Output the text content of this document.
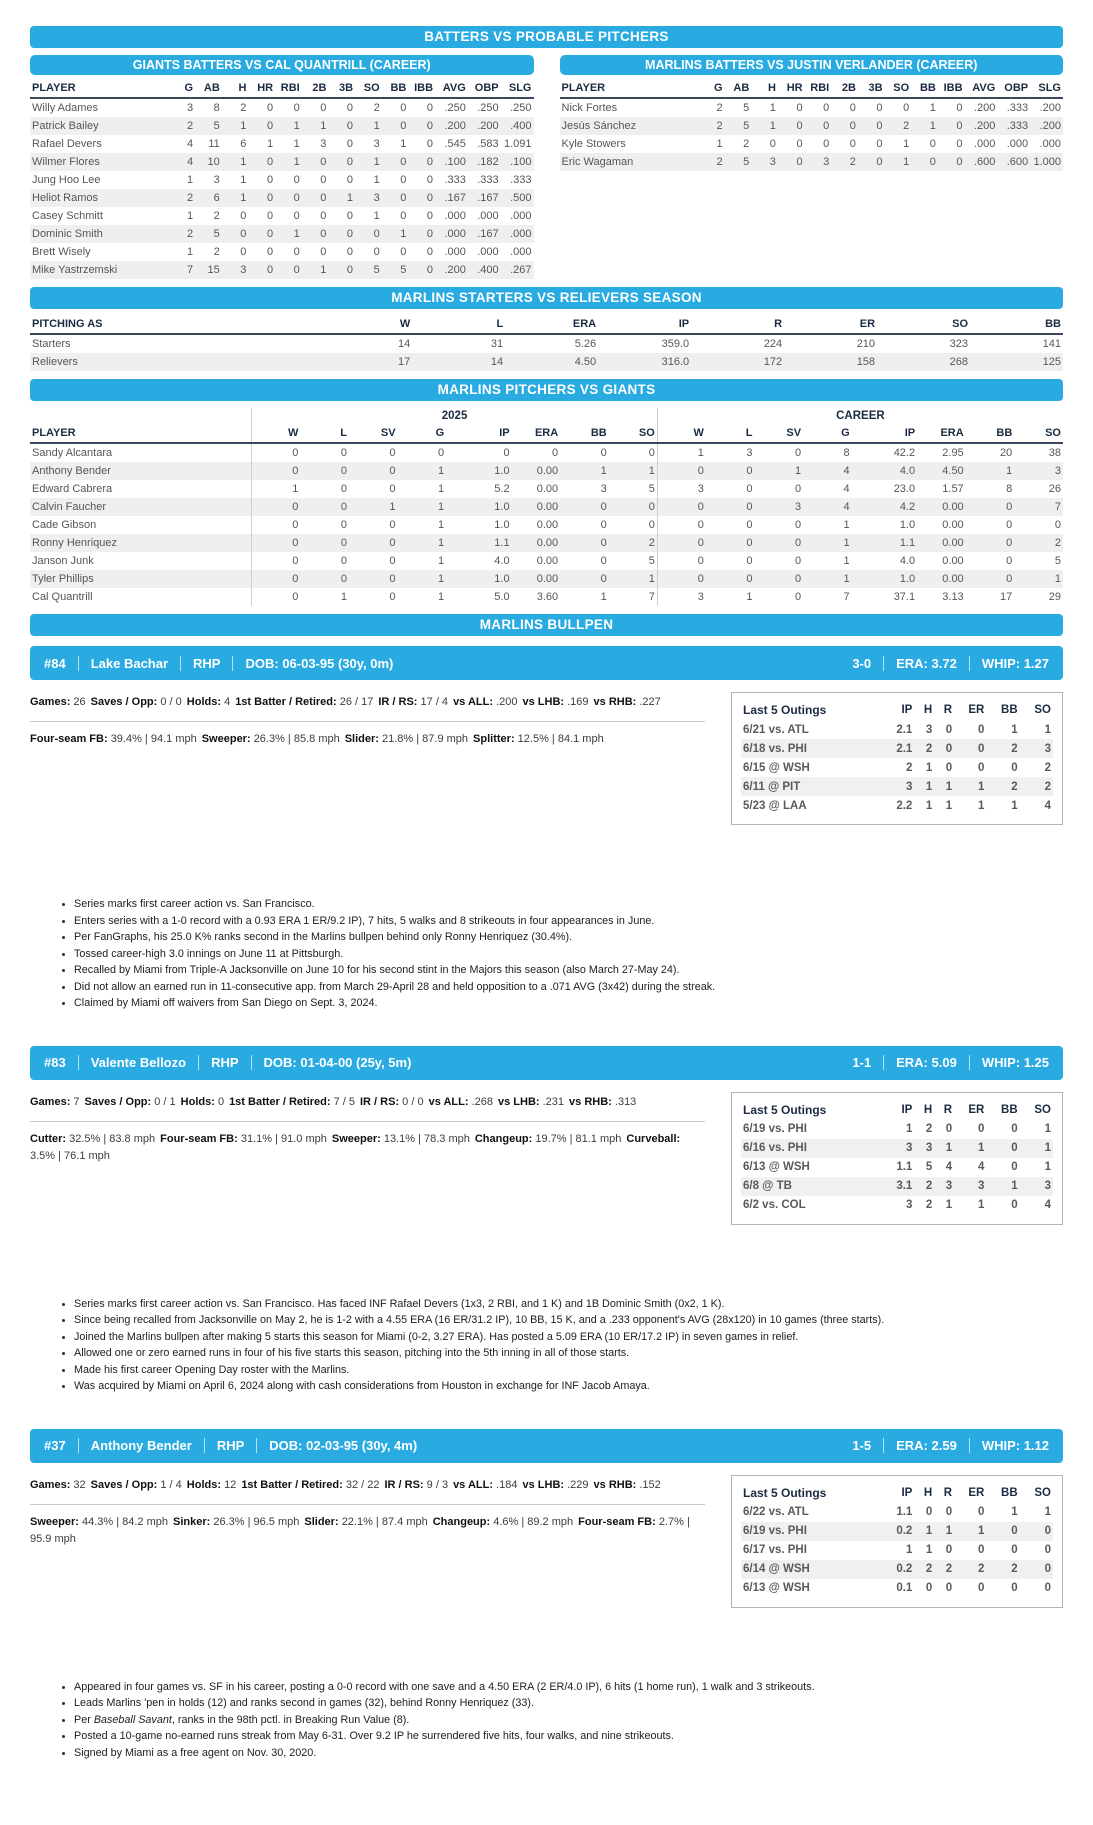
BATTERS VS PROBABLE PITCHERS
GIANTS BATTERS VS CAL QUANTRILL (CAREER)
PLAYER	G	AB	H	HR	RBI	2B	3B	SO	BB	IBB	AVG	OBP	SLG
Willy Adames	3	8	2	0	0	0	0	2	0	0	.250	.250	.250
Patrick Bailey	2	5	1	0	1	1	0	1	0	0	.200	.200	.400
Rafael Devers	4	11	6	1	1	3	0	3	1	0	.545	.583	1.091
Wilmer Flores	4	10	1	0	1	0	0	1	0	0	.100	.182	.100
Jung Hoo Lee	1	3	1	0	0	0	0	1	0	0	.333	.333	.333
Heliot Ramos	2	6	1	0	0	0	1	3	0	0	.167	.167	.500
Casey Schmitt	1	2	0	0	0	0	0	1	0	0	.000	.000	.000
Dominic Smith	2	5	0	0	1	0	0	0	1	0	.000	.167	.000
Brett Wisely	1	2	0	0	0	0	0	0	0	0	.000	.000	.000
Mike Yastrzemski	7	15	3	0	0	1	0	5	5	0	.200	.400	.267
MARLINS BATTERS VS JUSTIN VERLANDER (CAREER)
PLAYER	G	AB	H	HR	RBI	2B	3B	SO	BB	IBB	AVG	OBP	SLG
Nick Fortes	2	5	1	0	0	0	0	0	1	0	.200	.333	.200
Jesús Sánchez	2	5	1	0	0	0	0	2	1	0	.200	.333	.200
Kyle Stowers	1	2	0	0	0	0	0	1	0	0	.000	.000	.000
Eric Wagaman	2	5	3	0	3	2	0	1	0	0	.600	.600	1.000
MARLINS STARTERS VS RELIEVERS SEASON
PITCHING AS	W	L	ERA	IP	R	ER	SO	BB
Starters	14	31	5.26	359.0	224	210	323	141
Relievers	17	14	4.50	316.0	172	158	268	125
MARLINS PITCHERS VS GIANTS
	2025								CAREER							
PLAYER	W	L	SV	G	IP	ERA	BB	SO	W	L	SV	G	IP	ERA	BB	SO
Sandy Alcantara	0	0	0	0	0	0	0	0	1	3	0	8	42.2	2.95	20	38
Anthony Bender	0	0	0	1	1.0	0.00	1	1	0	0	1	4	4.0	4.50	1	3
Edward Cabrera	1	0	0	1	5.2	0.00	3	5	3	0	0	4	23.0	1.57	8	26
Calvin Faucher	0	0	1	1	1.0	0.00	0	0	0	0	3	4	4.2	0.00	0	7
Cade Gibson	0	0	0	1	1.0	0.00	0	0	0	0	0	1	1.0	0.00	0	0
Ronny Henriquez	0	0	0	1	1.1	0.00	0	2	0	0	0	1	1.1	0.00	0	2
Janson Junk	0	0	0	1	4.0	0.00	0	5	0	0	0	1	4.0	0.00	0	5
Tyler Phillips	0	0	0	1	1.0	0.00	0	1	0	0	0	1	1.0	0.00	0	1
Cal Quantrill	0	1	0	1	5.0	3.60	1	7	3	1	0	7	37.1	3.13	17	29
MARLINS BULLPEN
#84 Lake Bachar RHP DOB: 06-03-95 (30y, 0m)	3-0 ERA: 3.72 WHIP: 1.27

Games: 26 Saves / Opp: 0 / 0 Holds: 4 1st Batter / Retired: 26 / 17 IR / RS: 17 / 4 vs ALL: .200 vs LHB: .169 vs RHB: .227

Four-seam FB: 39.4% | 94.1 mph Sweeper: 26.3% | 85.8 mph Slider: 21.8% | 87.9 mph Splitter: 12.5% | 84.1 mph

Last 5 Outings	IP	H	R	ER	BB	SO
6/21 vs. ATL	2.1	3	0	0	1	1
6/18 vs. PHI	2.1	2	0	0	2	3
6/15 @ WSH	2	1	0	0	0	2
6/11 @ PIT	3	1	1	1	2	2
5/23 @ LAA	2.2	1	1	1	1	4
• Series marks first career action vs. San Francisco.
• Enters series with a 1-0 record with a 0.93 ERA 1 ER/9.2 IP), 7 hits, 5 walks and 8 strikeouts in four appearances in June.
• Per FanGraphs, his 25.0 K% ranks second in the Marlins bullpen behind only Ronny Henriquez (30.4%).
• Tossed career-high 3.0 innings on June 11 at Pittsburgh.
• Recalled by Miami from Triple-A Jacksonville on June 10 for his second stint in the Majors this season (also March 27-May 24).
• Did not allow an earned run in 11-consecutive app. from March 29-April 28 and held opposition to a .071 AVG (3x42) during the streak.
• Claimed by Miami off waivers from San Diego on Sept. 3, 2024.
#83 Valente Bellozo RHP DOB: 01-04-00 (25y, 5m)	1-1 ERA: 5.09 WHIP: 1.25

Games: 7 Saves / Opp: 0 / 1 Holds: 0 1st Batter / Retired: 7 / 5 IR / RS: 0 / 0 vs ALL: .268 vs LHB: .231 vs RHB: .313

Cutter: 32.5% | 83.8 mph Four-seam FB: 31.1% | 91.0 mph Sweeper: 13.1% | 78.3 mph Changeup: 19.7% | 81.1 mph Curveball: 3.5% | 76.1 mph

Last 5 Outings	IP	H	R	ER	BB	SO
6/19 vs. PHI	1	2	0	0	0	1
6/16 vs. PHI	3	3	1	1	0	1
6/13 @ WSH	1.1	5	4	4	0	1
6/8 @ TB	3.1	2	3	3	1	3
6/2 vs. COL	3	2	1	1	0	4
• Series marks first career action vs. San Francisco. Has faced INF Rafael Devers (1x3, 2 RBI, and 1 K) and 1B Dominic Smith (0x2, 1 K).
• Since being recalled from Jacksonville on May 2, he is 1-2 with a 4.55 ERA (16 ER/31.2 IP), 10 BB, 15 K, and a .233 opponent's AVG (28x120) in 10 games (three starts).
• Joined the Marlins bullpen after making 5 starts this season for Miami (0-2, 3.27 ERA). Has posted a 5.09 ERA (10 ER/17.2 IP) in seven games in relief.
• Allowed one or zero earned runs in four of his five starts this season, pitching into the 5th inning in all of those starts.
• Made his first career Opening Day roster with the Marlins.
• Was acquired by Miami on April 6, 2024 along with cash considerations from Houston in exchange for INF Jacob Amaya.
#37 Anthony Bender RHP DOB: 02-03-95 (30y, 4m)	1-5 ERA: 2.59 WHIP: 1.12

Games: 32 Saves / Opp: 1 / 4 Holds: 12 1st Batter / Retired: 32 / 22 IR / RS: 9 / 3 vs ALL: .184 vs LHB: .229 vs RHB: .152

Sweeper: 44.3% | 84.2 mph Sinker: 26.3% | 96.5 mph Slider: 22.1% | 87.4 mph Changeup: 4.6% | 89.2 mph Four-seam FB: 2.7% | 95.9 mph

Last 5 Outings	IP	H	R	ER	BB	SO
6/22 vs. ATL	1.1	0	0	0	1	1
6/19 vs. PHI	0.2	1	1	1	0	0
6/17 vs. PHI	1	1	0	0	0	0
6/14 @ WSH	0.2	2	2	2	2	0
6/13 @ WSH	0.1	0	0	0	0	0
• Appeared in four games vs. SF in his career, posting a 0-0 record with one save and a 4.50 ERA (2 ER/4.0 IP), 6 hits (1 home run), 1 walk and 3 strikeouts.
• Leads Marlins 'pen in holds (12) and ranks second in games (32), behind Ronny Henriquez (33).
• Per Baseball Savant, ranks in the 98th pctl. in Breaking Run Value (8).
• Posted a 10-game no-earned runs streak from May 6-31. Over 9.2 IP he surrendered five hits, four walks, and nine strikeouts.
• Signed by Miami as a free agent on Nov. 30, 2020.
